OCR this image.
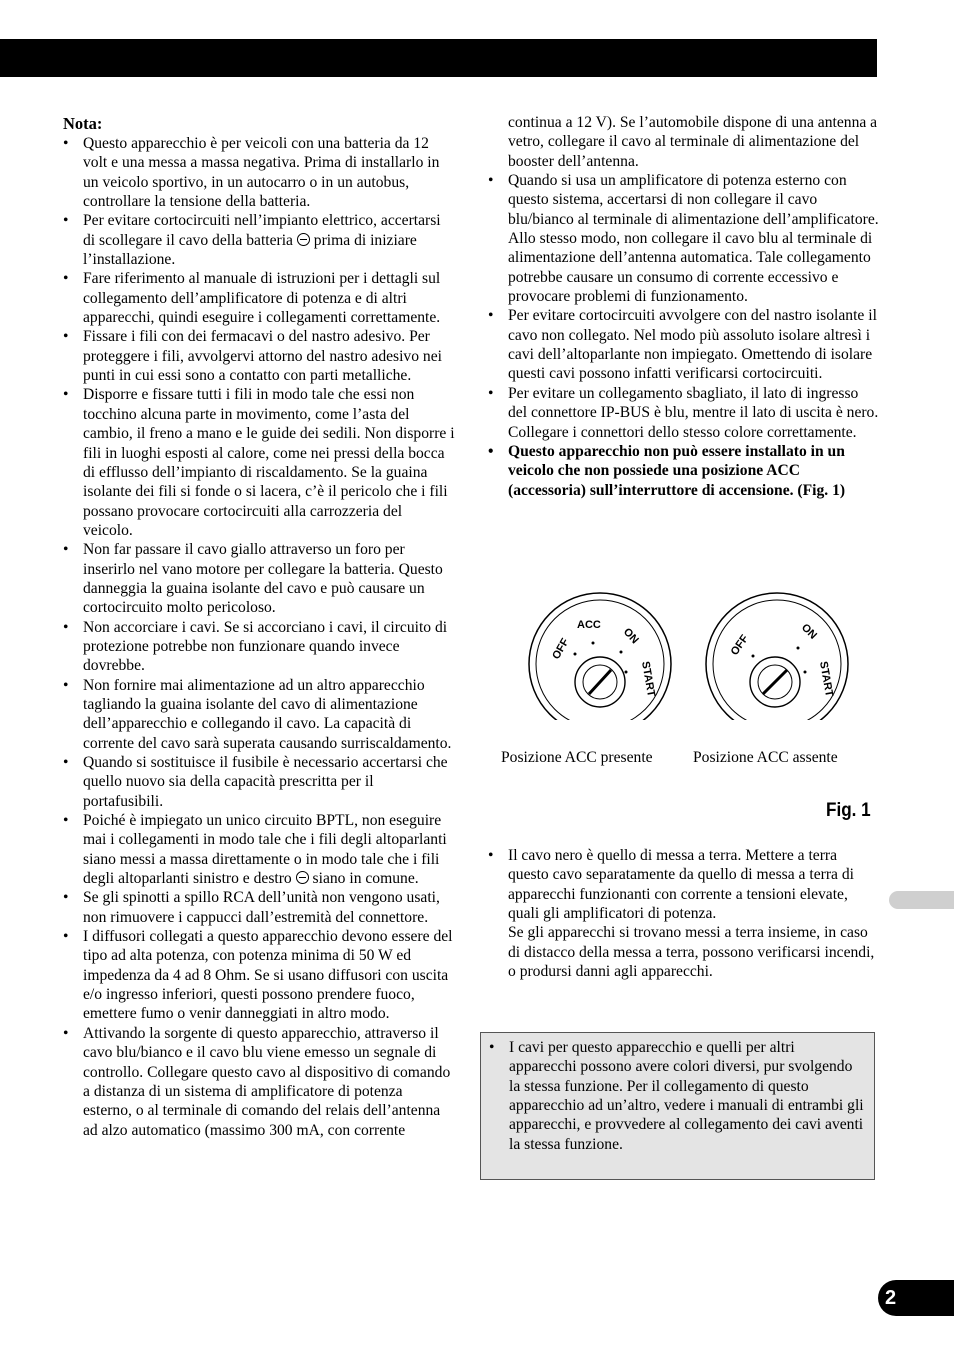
Nota:

• Questo apparecchio è per veicoli con una batteria da 12 volt e una messa a massa negativa. Prima di installarlo in un veicolo sportivo, in un autocarro o in un autobus, controllare la tensione della batteria.
• Per evitare cortocircuiti nell’impianto elettrico, accertarsi di scollegare il cavo della batteria prima di iniziare l’installazione.
• Fare riferimento al manuale di istruzioni per i dettagli sul collegamento dell’amplificatore di potenza e di altri apparecchi, quindi eseguire i collegamenti correttamente.
• Fissare i fili con dei fermacavi o del nastro adesivo. Per proteggere i fili, avvolgervi attorno del nastro adesivo nei punti in cui essi sono a contatto con parti metalliche.
• Disporre e fissare tutti i fili in modo tale che essi non tocchino alcuna parte in movimento, come l’asta del cambio, il freno a mano e le guide dei sedili. Non disporre i fili in luoghi esposti al calore, come nei pressi della bocca di efflusso dell’impianto di riscaldamento. Se la guaina isolante dei fili si fonde o si lacera, c’è il pericolo che i fili possano provocare cortocircuiti alla carrozzeria del veicolo.
• Non far passare il cavo giallo attraverso un foro per inserirlo nel vano motore per collegare la batteria. Questo danneggia la guaina isolante del cavo e può causare un cortocircuito molto pericoloso.
• Non accorciare i cavi. Se si accorciano i cavi, il circuito di protezione potrebbe non funzionare quando invece dovrebbe.
• Non fornire mai alimentazione ad un altro apparecchio tagliando la guaina isolante del cavo di alimentazione dell’apparecchio e collegando il cavo. La capacità di corrente del cavo sarà superata causando surriscaldamento.
• Quando si sostituisce il fusibile è necessario accertarsi che quello nuovo sia della capacità prescritta per il portafusibili.
• Poiché è impiegato un unico circuito BPTL, non eseguire mai i collegamenti in modo tale che i fili degli altoparlanti siano messi a massa direttamente o in modo tale che i fili degli altoparlanti sinistro e destro siano in comune.
• Se gli spinotti a spillo RCA dell’unità non vengono usati, non rimuovere i cappucci dall’estremità del connettore.
• I diffusori collegati a questo apparecchio devono essere del tipo ad alta potenza, con potenza minima di 50 W ed impedenza da 4 ad 8 Ohm. Se si usano diffusori con uscita e/o ingresso inferiori, questi possono prendere fuoco, emettere fumo o venir danneggiati in altro modo.
• Attivando la sorgente di questo apparecchio, attraverso il cavo blu/bianco e il cavo blu viene emesso un segnale di controllo. Collegare questo cavo al dispositivo di comando a distanza di un sistema di amplificatore di potenza esterno, o al terminale di comando del relais dell’antenna ad alzo automatico (massimo 300 mA, con corrente
continua a 12 V). Se l’automobile dispone di una antenna a vetro, collegare il cavo al terminale di alimentazione del booster dell’antenna.
• Quando si usa un amplificatore di potenza esterno con questo sistema, accertarsi di non collegare il cavo blu/bianco al terminale di alimentazione dell’amplificatore. Allo stesso modo, non collegare il cavo blu al terminale di alimentazione dell’antenna automatica. Tale collegamento potrebbe causare un consumo di corrente eccessivo e provocare problemi di funzionamento.
• Per evitare cortocircuiti avvolgere con del nastro isolante il cavo non collegato. Nel modo più assoluto isolare altresì i cavi dell’altoparlante non impiegato. Omettendo di isolare questi cavi possono infatti verificarsi cortocircuiti.
• Per evitare un collegamento sbagliato, il lato di ingresso del connettore IP-BUS è blu, mentre il lato di uscita è nero. Collegare i connettori dello stesso colore correttamente.
• Questo apparecchio non può essere installato in un veicolo che non possiede una posizione ACC (accessoria) sull’interruttore di accensione. (Fig. 1)
OFF
ACC
ON
START
OFF
ON
START
Posizione ACC presente	Posizione ACC assente
Fig. 1
• Il cavo nero è quello di messa a terra. Mettere a terra questo cavo separatamente da quello di messa a terra di apparecchi funzionanti con corrente a tensioni elevate, quali gli amplificatori di potenza.
Se gli apparecchi si trovano messi a terra insieme, in caso di distacco della messa a terra, possono verificarsi incendi, o prodursi danni agli apparecchi.
• I cavi per questo apparecchio e quelli per altri apparecchi possono avere colori diversi, pur svolgendo la stessa funzione. Per il collegamento di questo apparecchio ad un’altro, vedere i manuali di entrambi gli apparecchi, e provvedere al collegamento dei cavi aventi la stessa funzione.
2
